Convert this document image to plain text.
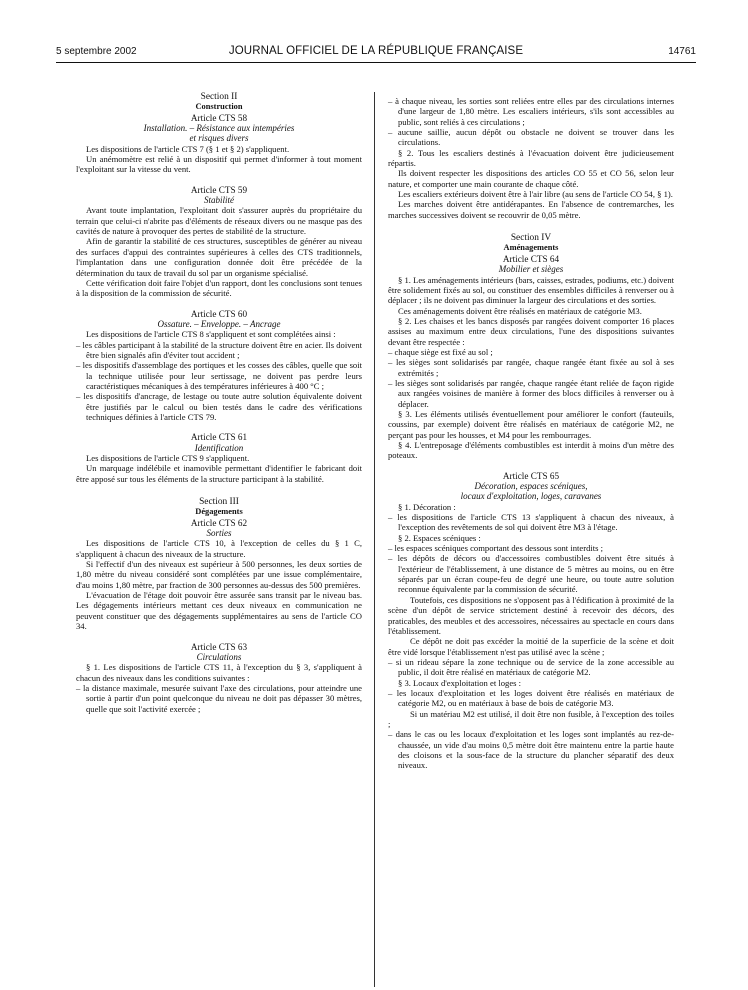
5 septembre 2002	JOURNAL OFFICIEL DE LA RÉPUBLIQUE FRANÇAISE	14761

Section II

Construction

Article CTS 58

Installation. – Résistance aux intempéries

et risques divers

Les dispositions de l'article CTS 7 (§ 1 et § 2) s'appliquent.

Un anémomètre est relié à un dispositif qui permet d'informer à tout moment l'exploitant sur la vitesse du vent.

Article CTS 59

Stabilité

Avant toute implantation, l'exploitant doit s'assurer auprès du propriétaire du terrain que celui-ci n'abrite pas d'éléments de réseaux divers ou ne masque pas des cavités de nature à provoquer des pertes de stabilité de la structure.

Afin de garantir la stabilité de ces structures, susceptibles de générer au niveau des surfaces d'appui des contraintes supérieures à celles des CTS traditionnels, l'implantation dans une configuration donnée doit être précédée de la détermination du taux de travail du sol par un organisme spécialisé.

Cette vérification doit faire l'objet d'un rapport, dont les conclusions sont tenues à la disposition de la commission de sécurité.

Article CTS 60

Ossature. – Enveloppe. – Ancrage

Les dispositions de l'article CTS 8 s'appliquent et sont complétées ainsi :

– les câbles participant à la stabilité de la structure doivent être en acier. Ils doivent être bien signalés afin d'éviter tout accident ;
– les dispositifs d'assemblage des portiques et les cosses des câbles, quelle que soit la technique utilisée pour leur sertissage, ne doivent pas perdre leurs caractéristiques mécaniques à des températures inférieures à 400 °C ;
– les dispositifs d'ancrage, de lestage ou toute autre solution équivalente doivent être justifiés par le calcul ou bien testés dans le cadre des vérifications techniques définies à l'article CTS 79.

Article CTS 61

Identification

Les dispositions de l'article CTS 9 s'appliquent.

Un marquage indélébile et inamovible permettant d'identifier le fabricant doit être apposé sur tous les éléments de la structure participant à la stabilité.

Section III

Dégagements

Article CTS 62

Sorties

Les dispositions de l'article CTS 10, à l'exception de celles du § 1 C, s'appliquent à chacun des niveaux de la structure.

Si l'effectif d'un des niveaux est supérieur à 500 personnes, les deux sorties de 1,80 mètre du niveau considéré sont complétées par une issue complémentaire, d'au moins 1,80 mètre, par fraction de 300 personnes au-dessus des 500 premières.

L'évacuation de l'étage doit pouvoir être assurée sans transit par le niveau bas. Les dégagements intérieurs mettant ces deux niveaux en communication ne peuvent constituer que des dégagements supplémentaires au sens de l'article CO 34.

Article CTS 63

Circulations

§ 1. Les dispositions de l'article CTS 11, à l'exception du § 3, s'appliquent à chacun des niveaux dans les conditions suivantes :

– la distance maximale, mesurée suivant l'axe des circulations, pour atteindre une sortie à partir d'un point quelconque du niveau ne doit pas dépasser 30 mètres, quelle que soit l'activité exercée ;
– à chaque niveau, les sorties sont reliées entre elles par des circulations internes d'une largeur de 1,80 mètre. Les escaliers intérieurs, s'ils sont accessibles au public, sont reliés à ces circulations ;
– aucune saillie, aucun dépôt ou obstacle ne doivent se trouver dans les circulations.

§ 2. Tous les escaliers destinés à l'évacuation doivent être judicieusement répartis.

Ils doivent respecter les dispositions des articles CO 55 et CO 56, selon leur nature, et comporter une main courante de chaque côté.

Les escaliers extérieurs doivent être à l'air libre (au sens de l'article CO 54, § 1).

Les marches doivent être antidérapantes. En l'absence de contremarches, les marches successives doivent se recouvrir de 0,05 mètre.

Section IV

Aménagements

Article CTS 64

Mobilier et sièges

§ 1. Les aménagements intérieurs (bars, caisses, estrades, podiums, etc.) doivent être solidement fixés au sol, ou constituer des ensembles difficiles à renverser ou à déplacer ; ils ne doivent pas diminuer la largeur des circulations et des sorties.

Ces aménagements doivent être réalisés en matériaux de catégorie M3.

§ 2. Les chaises et les bancs disposés par rangées doivent comporter 16 places assises au maximum entre deux circulations, l'une des dispositions suivantes devant être respectée :

– chaque siège est fixé au sol ;
– les sièges sont solidarisés par rangée, chaque rangée étant fixée au sol à ses extrémités ;
– les sièges sont solidarisés par rangée, chaque rangée étant reliée de façon rigide aux rangées voisines de manière à former des blocs difficiles à renverser ou à déplacer.

§ 3. Les éléments utilisés éventuellement pour améliorer le confort (fauteuils, coussins, par exemple) doivent être réalisés en matériaux de catégorie M2, ne perçant pas pour les housses, et M4 pour les rembourrages.

§ 4. L'entreposage d'éléments combustibles est interdit à moins d'un mètre des poteaux.

Article CTS 65

Décoration, espaces scéniques,

locaux d'exploitation, loges, caravanes

§ 1. Décoration :

– les dispositions de l'article CTS 13 s'appliquent à chacun des niveaux, à l'exception des revêtements de sol qui doivent être M3 à l'étage.

§ 2. Espaces scéniques :

– les espaces scéniques comportant des dessous sont interdits ;
– les dépôts de décors ou d'accessoires combustibles doivent être situés à l'extérieur de l'établissement, à une distance de 5 mètres au moins, ou en être séparés par un écran coupe-feu de degré une heure, ou toute autre solution reconnue équivalente par la commission de sécurité.

Toutefois, ces dispositions ne s'opposent pas à l'édification à proximité de la scène d'un dépôt de service strictement destiné à recevoir des décors, des praticables, des meubles et des accessoires, nécessaires au spectacle en cours dans l'établissement.

Ce dépôt ne doit pas excéder la moitié de la superficie de la scène et doit être vidé lorsque l'établissement n'est pas utilisé avec la scène ;

– si un rideau sépare la zone technique ou de service de la zone accessible au public, il doit être réalisé en matériaux de catégorie M2.

§ 3. Locaux d'exploitation et loges :

– les locaux d'exploitation et les loges doivent être réalisés en matériaux de catégorie M2, ou en matériaux à base de bois de catégorie M3.

Si un matériau M2 est utilisé, il doit être non fusible, à l'exception des toiles ;

– dans le cas ou les locaux d'exploitation et les loges sont implantés au rez-de-chaussée, un vide d'au moins 0,5 mètre doit être maintenu entre la partie haute des cloisons et la sous-face de la structure du plancher séparatif des deux niveaux.
